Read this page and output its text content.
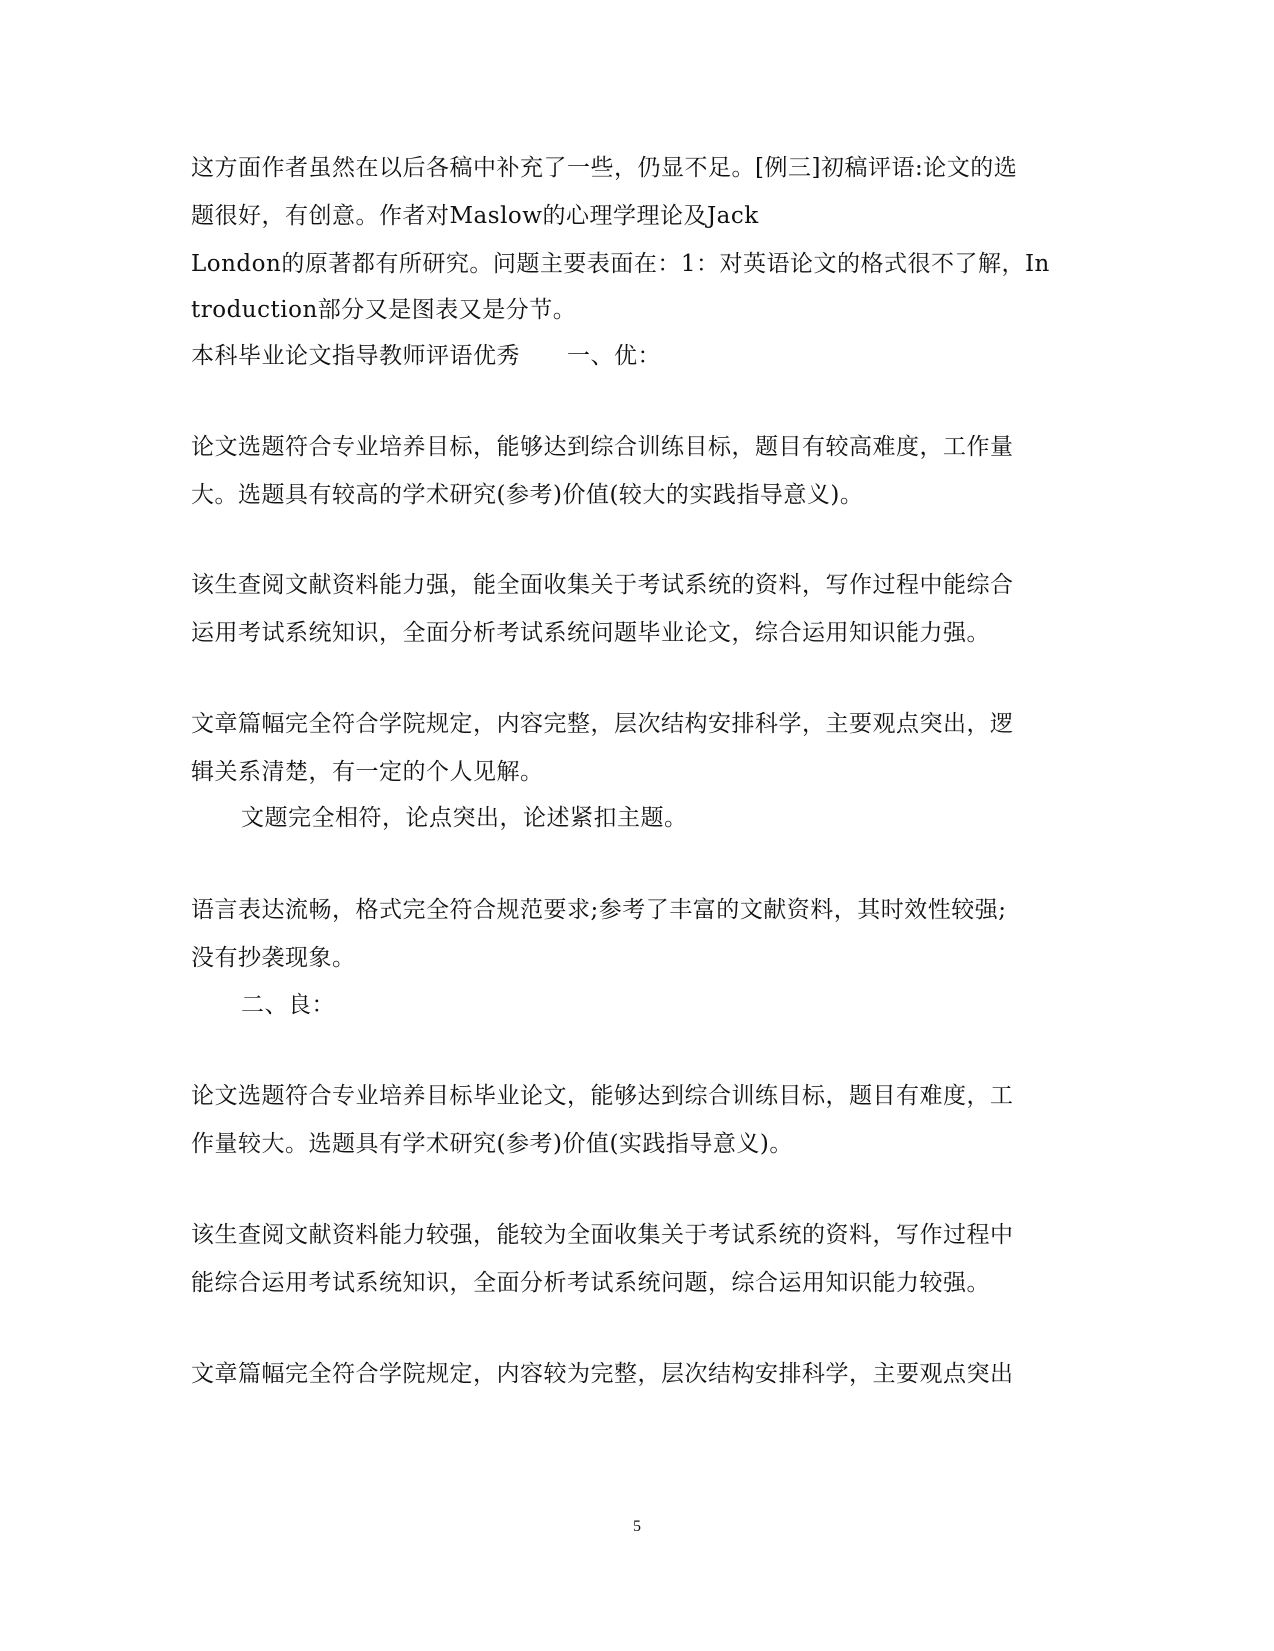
这方面作者虽然在以后各稿中补充了一些，仍显不足。[例三]初稿评语:论文的选
题很好，有创意。作者对Maslow的心理学理论及Jack
London的原著都有所研究。问题主要表面在：1：对英语论文的格式很不了解，In
troduction部分又是图表又是分节。
本科毕业论文指导教师评语优秀　　一、优：
论文选题符合专业培养目标，能够达到综合训练目标，题目有较高难度，工作量
大。选题具有较高的学术研究(参考)价值(较大的实践指导意义)。
该生查阅文献资料能力强，能全面收集关于考试系统的资料，写作过程中能综合
运用考试系统知识，全面分析考试系统问题毕业论文，综合运用知识能力强。
文章篇幅完全符合学院规定，内容完整，层次结构安排科学，主要观点突出，逻
辑关系清楚，有一定的个人见解。
文题完全相符，论点突出，论述紧扣主题。
语言表达流畅，格式完全符合规范要求;参考了丰富的文献资料，其时效性较强;
没有抄袭现象。
二、良：
论文选题符合专业培养目标毕业论文，能够达到综合训练目标，题目有难度，工
作量较大。选题具有学术研究(参考)价值(实践指导意义)。
该生查阅文献资料能力较强，能较为全面收集关于考试系统的资料，写作过程中
能综合运用考试系统知识，全面分析考试系统问题，综合运用知识能力较强。
文章篇幅完全符合学院规定，内容较为完整，层次结构安排科学，主要观点突出
5
